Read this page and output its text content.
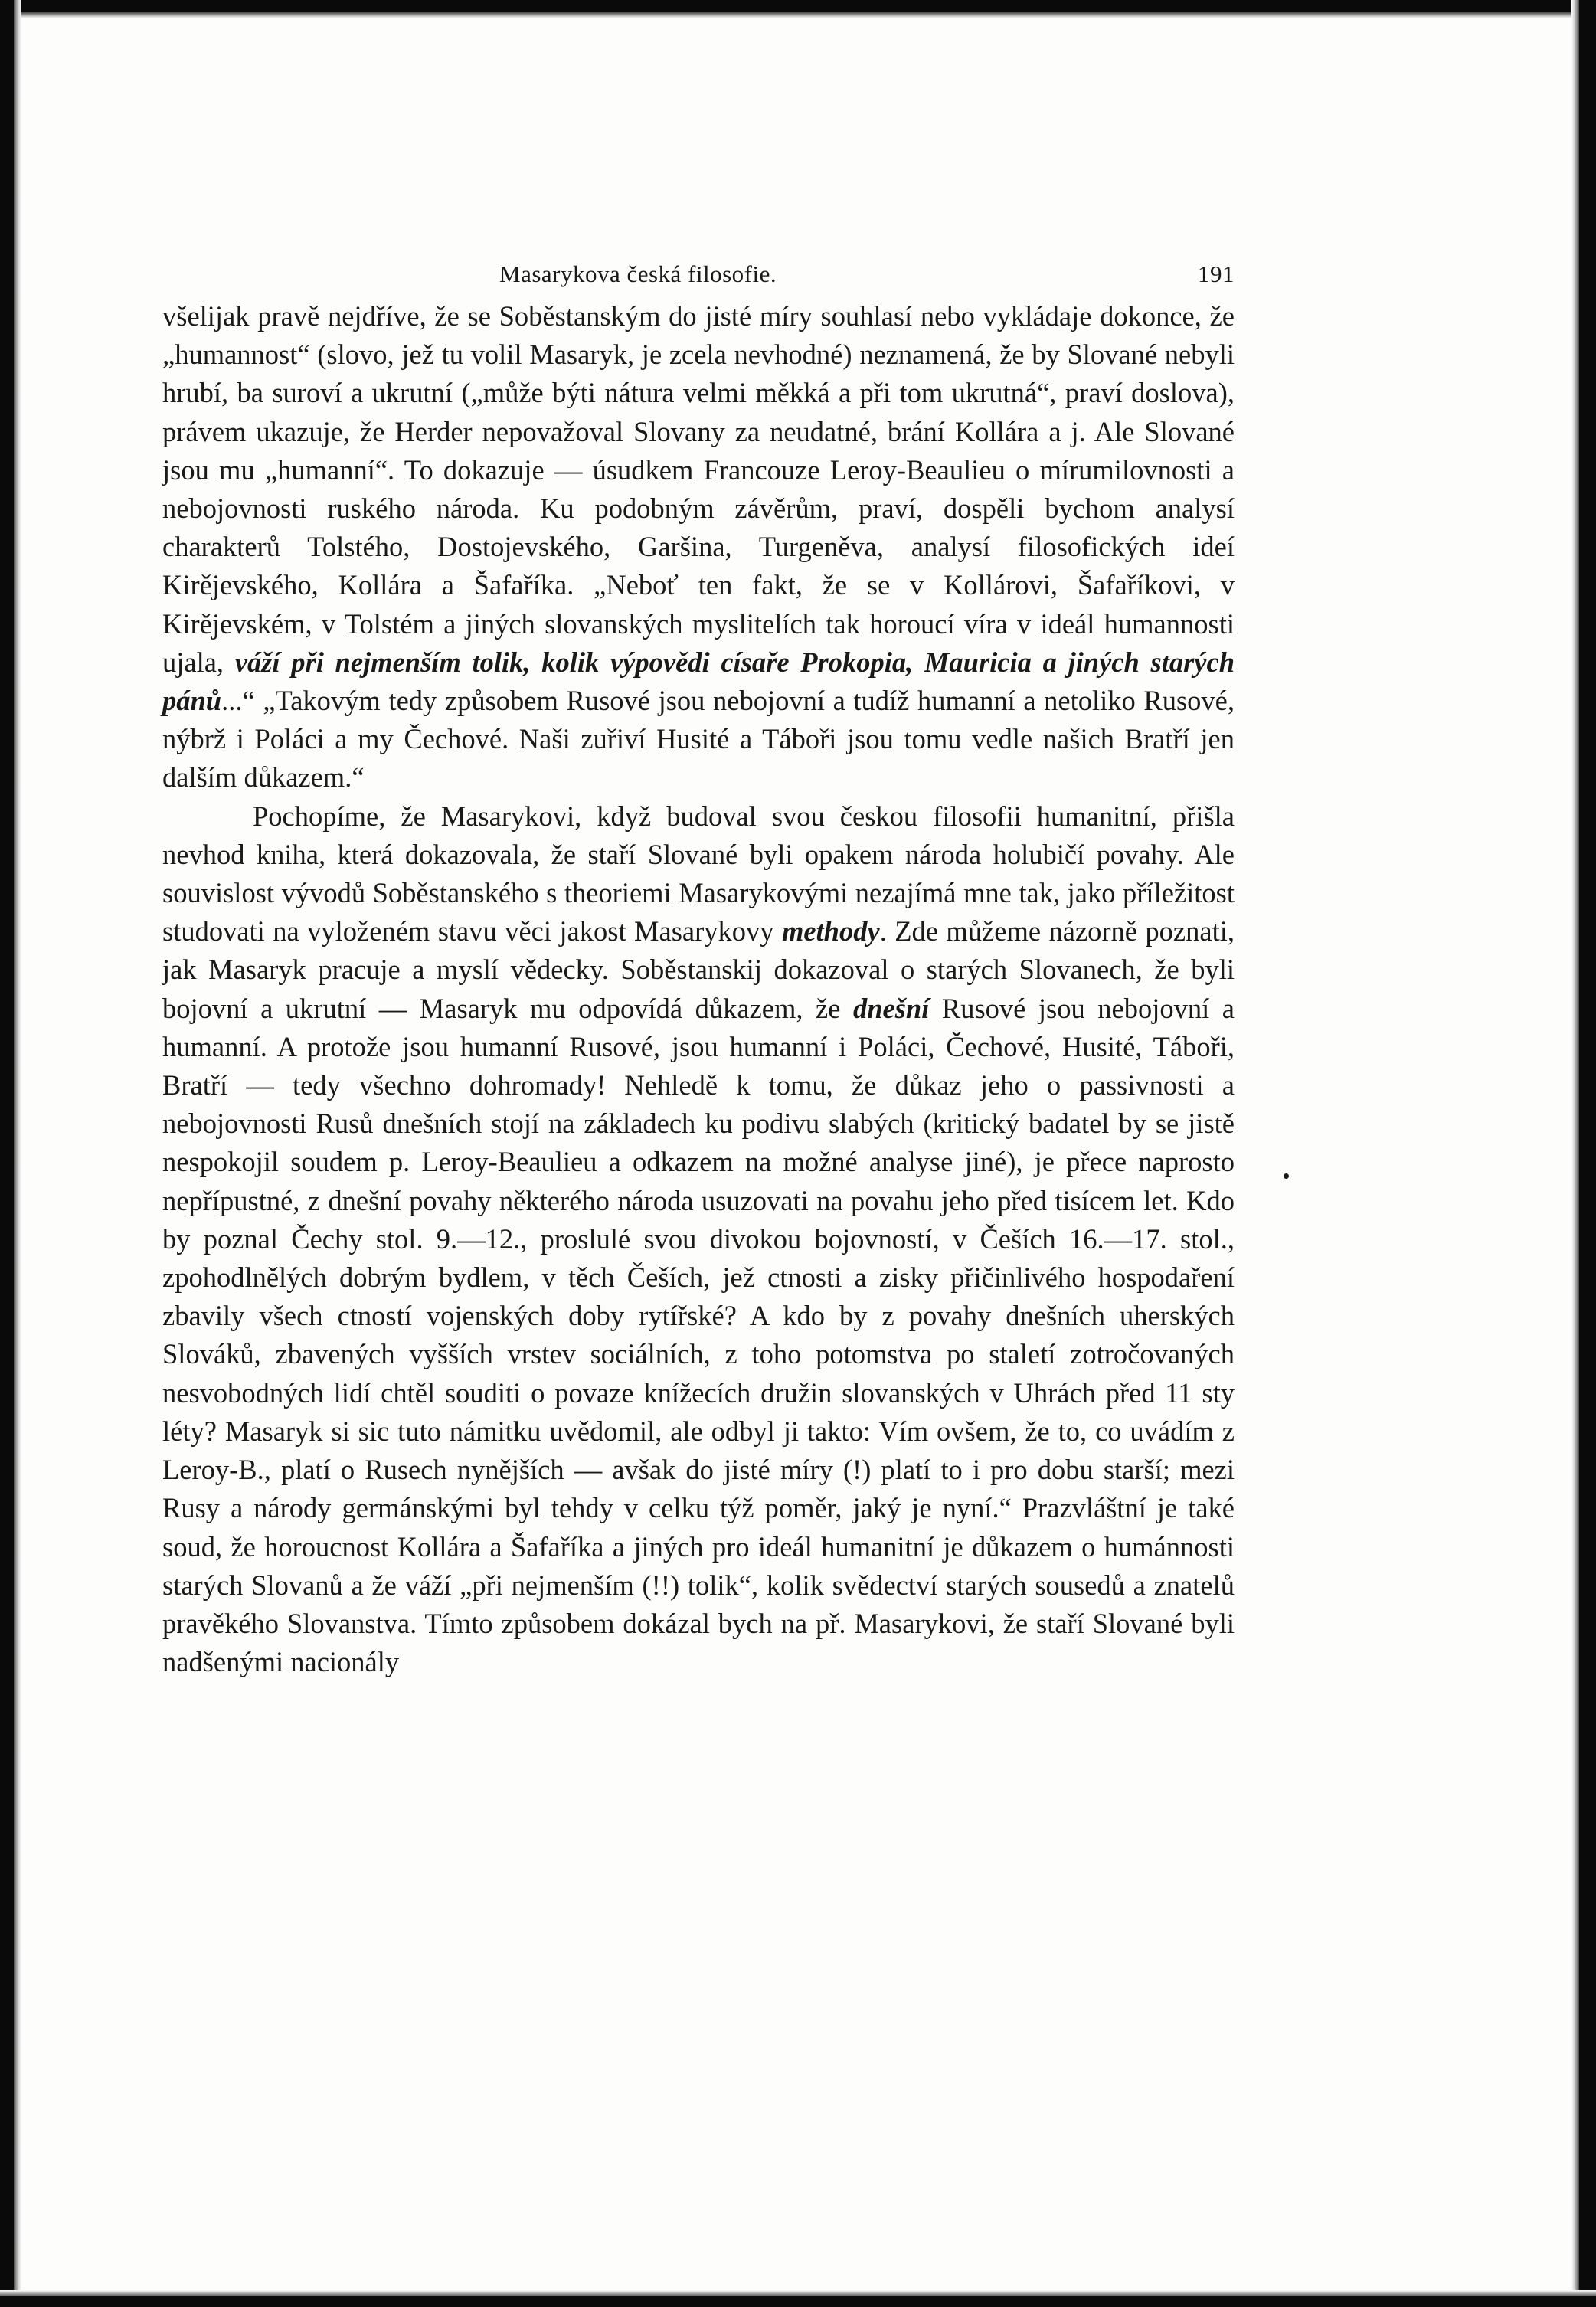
Masarykova česká filosofie.	191

všelijak pravě nejdříve, že se Soběstanským do jisté míry souhlasí nebo vykládaje dokonce, že „humannost“ (slovo, jež tu volil Masaryk, je zcela nevhodné) neznamená, že by Slované nebyli hrubí, ba suroví a ukrutní („může býti nátura velmi měkká a při tom ukrutná“, praví doslova), právem ukazuje, že Herder nepovažoval Slovany za neudatné, brání Kollára a j. Ale Slované jsou mu „humanní“. To dokazuje — úsudkem Francouze Leroy-Beaulieu o mírumilovnosti a nebojovnosti ruského národa. Ku podobným závěrům, praví, dospěli bychom analysí charakterů Tolstého, Dostojevského, Garšina, Turgeněva, analysí filosofických ideí Kirějevského, Kollára a Šafaříka. „Neboť ten fakt, že se v Kollárovi, Šafaříkovi, v Kirějevském, v Tolstém a jiných slovanských myslitelích tak horoucí víra v ideál humannosti ujala, váží při nejmenším tolik, kolik výpovědi císaře Prokopia, Mauricia a jiných starých pánů...“ „Takovým tedy způsobem Rusové jsou nebojovní a tudíž humanní a netoliko Rusové, nýbrž i Poláci a my Čechové. Naši zuřiví Husité a Táboři jsou tomu vedle našich Bratří jen dalším důkazem.“

Pochopíme, že Masarykovi, když budoval svou českou filosofii humanitní, přišla nevhod kniha, která dokazovala, že staří Slované byli opakem národa holubičí povahy. Ale souvislost vývodů Soběstanského s theoriemi Masarykovými nezajímá mne tak, jako příležitost studovati na vyloženém stavu věci jakost Masarykovy methody. Zde můžeme názorně poznati, jak Masaryk pracuje a myslí vědecky. Soběstanskij dokazoval o starých Slovanech, že byli bojovní a ukrutní — Masaryk mu odpovídá důkazem, že dnešní Rusové jsou nebojovní a humanní. A protože jsou humanní Rusové, jsou humanní i Poláci, Čechové, Husité, Táboři, Bratří — tedy všechno dohromady! Nehledě k tomu, že důkaz jeho o passivnosti a nebojovnosti Rusů dnešních stojí na základech ku podivu slabých (kritický badatel by se jistě nespokojil soudem p. Leroy-Beaulieu a odkazem na možné analyse jiné), je přece naprosto nepřípustné, z dnešní povahy některého národa usuzovati na povahu jeho před tisícem let. Kdo by poznal Čechy stol. 9.—12., proslulé svou divokou bojovností, v Češích 16.—17. stol., zpohodlnělých dobrým bydlem, v těch Češích, jež ctnosti a zisky přičinlivého hospodaření zbavily všech ctností vojenských doby rytířské? A kdo by z povahy dnešních uherských Slováků, zbavených vyšších vrstev sociálních, z toho potomstva po staletí zotročovaných nesvobodných lidí chtěl souditi o povaze knížecích družin slovanských v Uhrách před 11 sty léty? Masaryk si sic tuto námitku uvědomil, ale odbyl ji takto: Vím ovšem, že to, co uvádím z Leroy-B., platí o Rusech nynějších — avšak do jisté míry (!) platí to i pro dobu starší; mezi Rusy a národy germánskými byl tehdy v celku týž poměr, jaký je nyní.“ Prazvláštní je také soud, že horoucnost Kollára a Šafaříka a jiných pro ideál humanitní je důkazem o humánnosti starých Slovanů a že váží „při nejmenším (!!) tolik“, kolik svědectví starých sousedů a znatelů pravěkého Slovanstva. Tímto způsobem dokázal bych na př. Masarykovi, že staří Slované byli nadšenými nacionály
